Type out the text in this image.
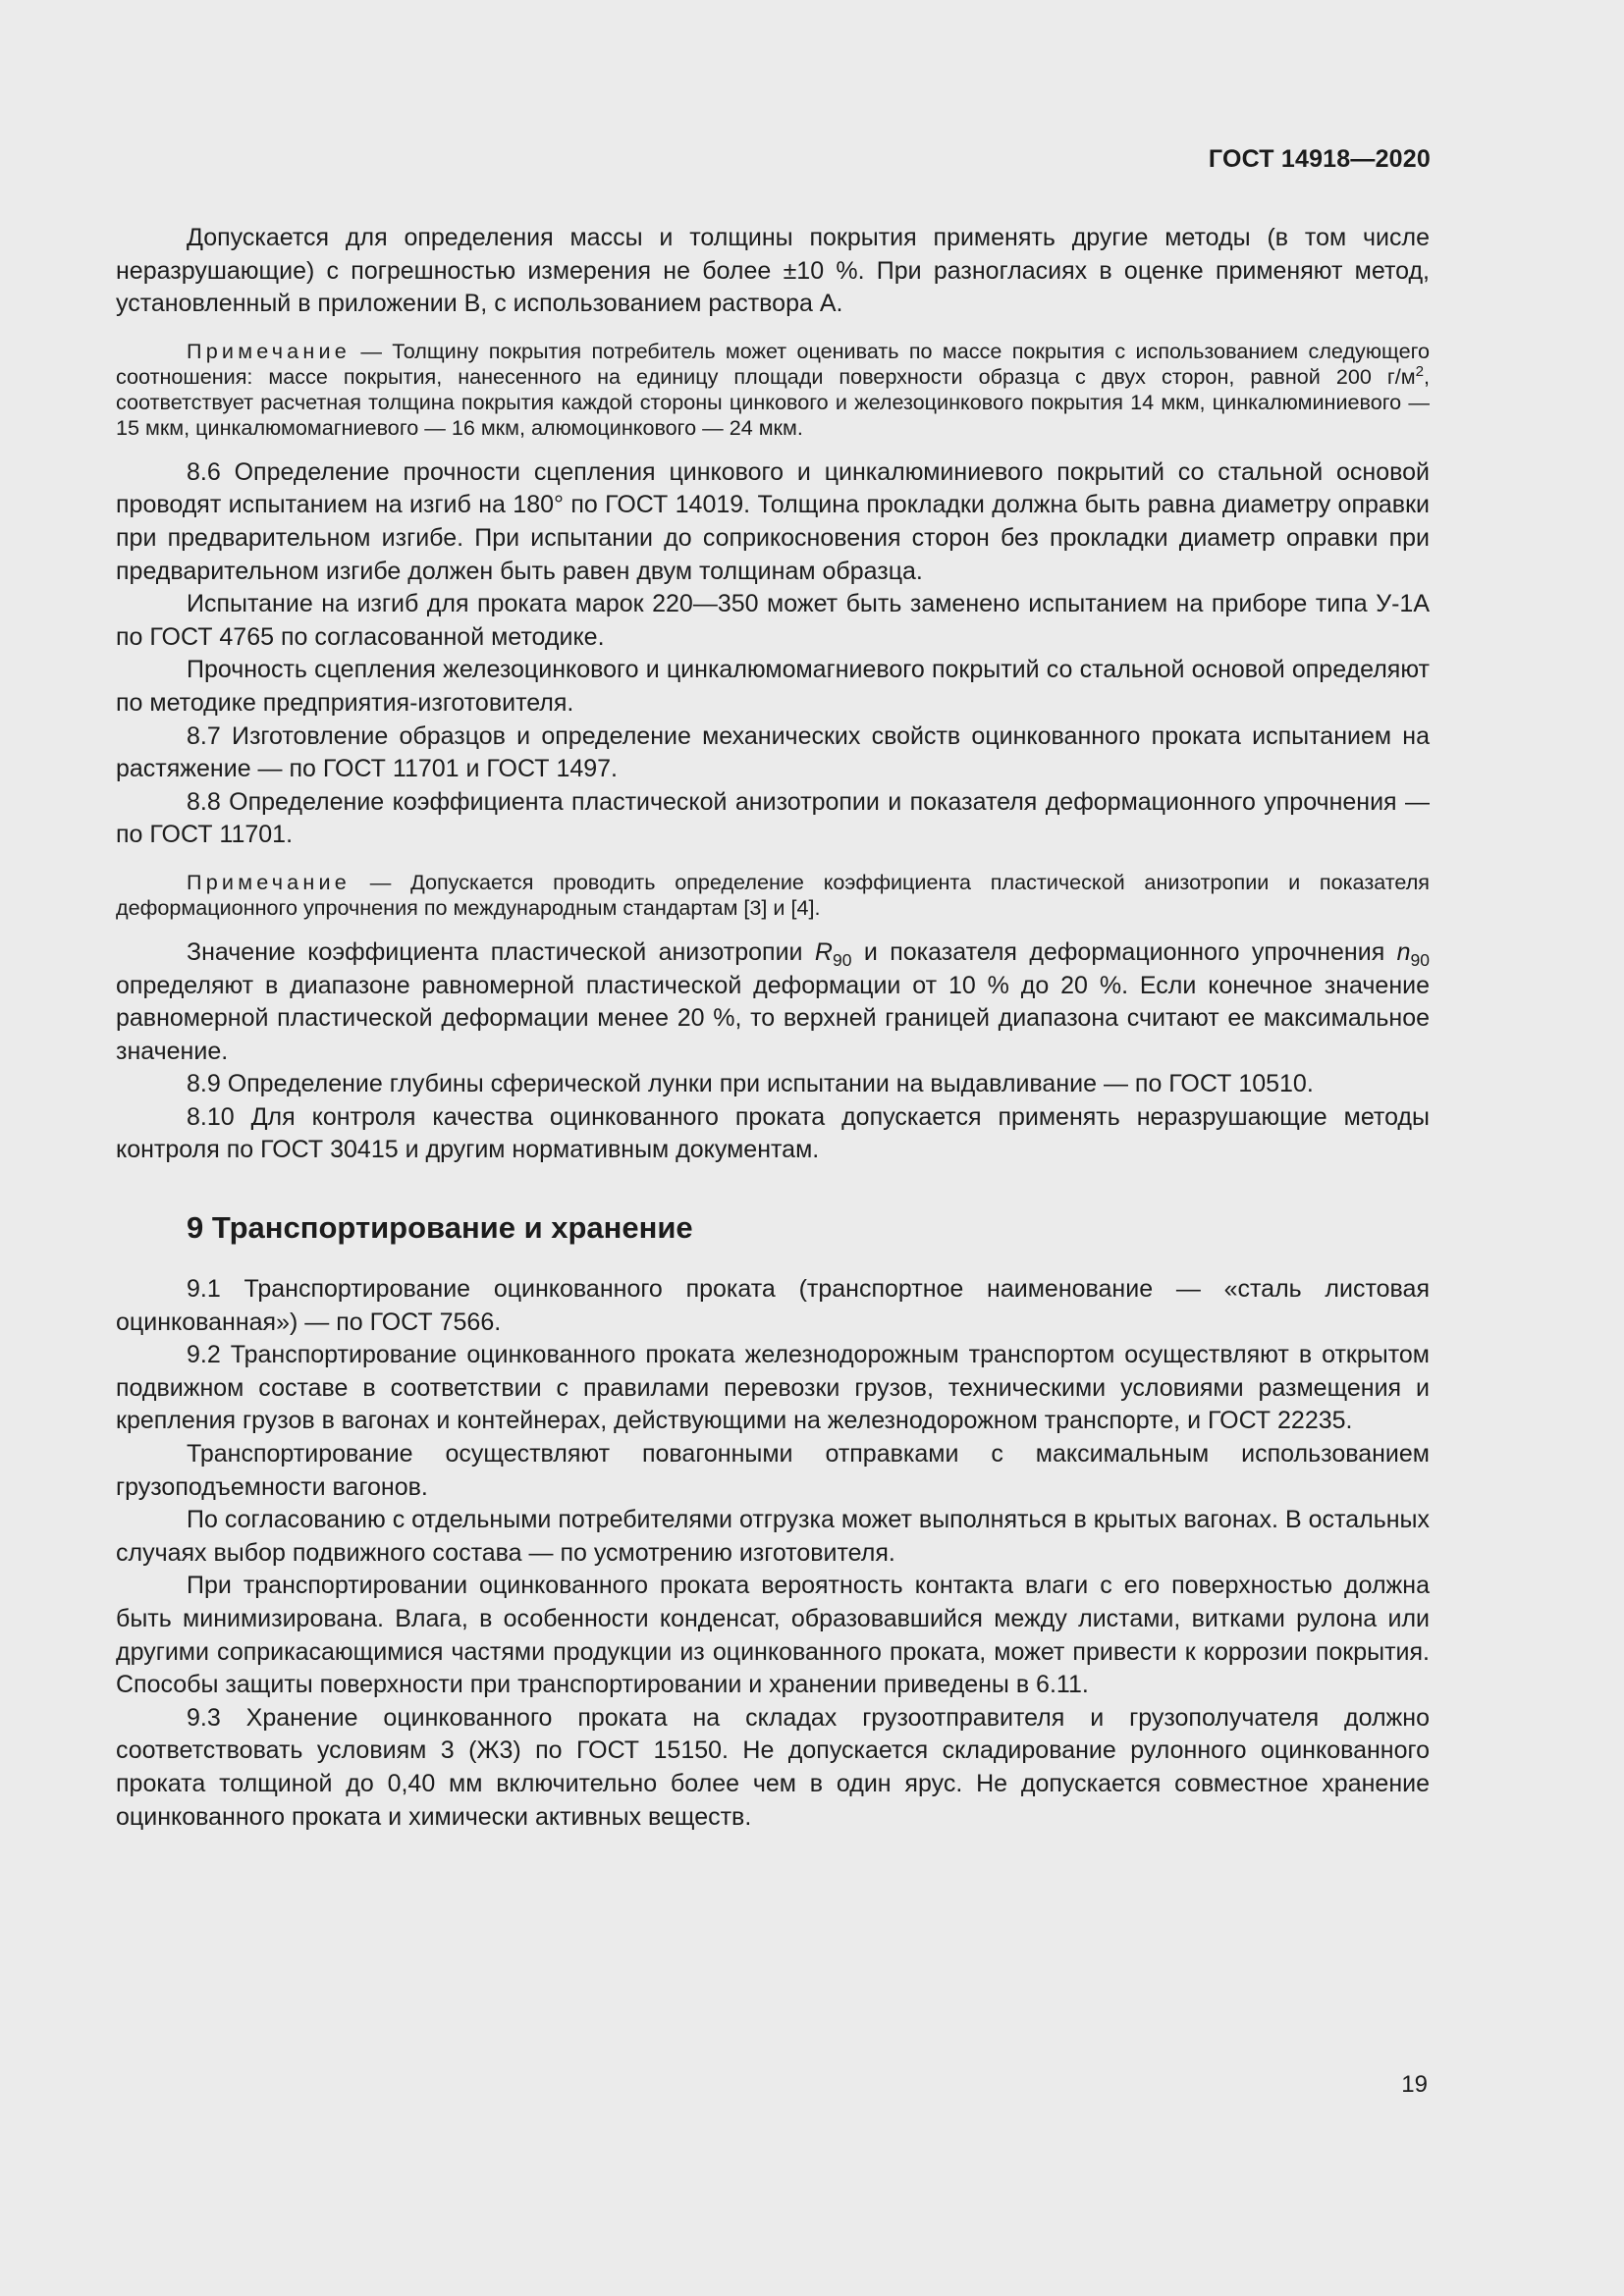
ГОСТ 14918—2020

Допускается для определения массы и толщины покрытия применять другие методы (в том числе неразрушающие) с погрешностью измерения не более ±10 %. При разногласиях в оценке применяют метод, установленный в приложении В, с использованием раствора А.

Примечание — Толщину покрытия потребитель может оценивать по массе покрытия с использованием следующего соотношения: массе покрытия, нанесенного на единицу площади поверхности образца с двух сторон, равной 200 $г/м^2$, соответствует расчетная толщина покрытия каждой стороны цинкового и железоцинкового покрытия 14 мкм, цинкалюминиевого — 15 мкм, цинкалюмомагниевого — 16 мкм, алюмоцинкового — 24 мкм.

8.6 Определение прочности сцепления цинкового и цинкалюминиевого покрытий со стальной основой проводят испытанием на изгиб на 180° по ГОСТ 14019. Толщина прокладки должна быть равна диаметру оправки при предварительном изгибе. При испытании до соприкосновения сторон без прокладки диаметр оправки при предварительном изгибе должен быть равен двум толщинам образца.

Испытание на изгиб для проката марок 220—350 может быть заменено испытанием на приборе типа У-1А по ГОСТ 4765 по согласованной методике.

Прочность сцепления железоцинкового и цинкалюмомагниевого покрытий со стальной основой определяют по методике предприятия-изготовителя.

8.7 Изготовление образцов и определение механических свойств оцинкованного проката испытанием на растяжение — по ГОСТ 11701 и ГОСТ 1497.

8.8 Определение коэффициента пластической анизотропии и показателя деформационного упрочнения — по ГОСТ 11701.

Примечание — Допускается проводить определение коэффициента пластической анизотропии и показателя деформационного упрочнения по международным стандартам [3] и [4].

Значение коэффициента пластической анизотропии $R_{90}$ и показателя деформационного упрочнения $n_{90}$ определяют в диапазоне равномерной пластической деформации от 10 % до 20 %. Если конечное значение равномерной пластической деформации менее 20 %, то верхней границей диапазона считают ее максимальное значение.

8.9 Определение глубины сферической лунки при испытании на выдавливание — по ГОСТ 10510.

8.10 Для контроля качества оцинкованного проката допускается применять неразрушающие методы контроля по ГОСТ 30415 и другим нормативным документам.

9 Транспортирование и хранение

9.1 Транспортирование оцинкованного проката (транспортное наименование — «сталь листовая оцинкованная») — по ГОСТ 7566.

9.2 Транспортирование оцинкованного проката железнодорожным транспортом осуществляют в открытом подвижном составе в соответствии с правилами перевозки грузов, техническими условиями размещения и крепления грузов в вагонах и контейнерах, действующими на железнодорожном транспорте, и ГОСТ 22235.

Транспортирование осуществляют повагонными отправками с максимальным использованием грузоподъемности вагонов.

По согласованию с отдельными потребителями отгрузка может выполняться в крытых вагонах. В остальных случаях выбор подвижного состава — по усмотрению изготовителя.

При транспортировании оцинкованного проката вероятность контакта влаги с его поверхностью должна быть минимизирована. Влага, в особенности конденсат, образовавшийся между листами, витками рулона или другими соприкасающимися частями продукции из оцинкованного проката, может привести к коррозии покрытия. Способы защиты поверхности при транспортировании и хранении приведены в 6.11.

9.3 Хранение оцинкованного проката на складах грузоотправителя и грузополучателя должно соответствовать условиям 3 (Ж3) по ГОСТ 15150. Не допускается складирование рулонного оцинкованного проката толщиной до 0,40 мм включительно более чем в один ярус. Не допускается совместное хранение оцинкованного проката и химически активных веществ.

19
